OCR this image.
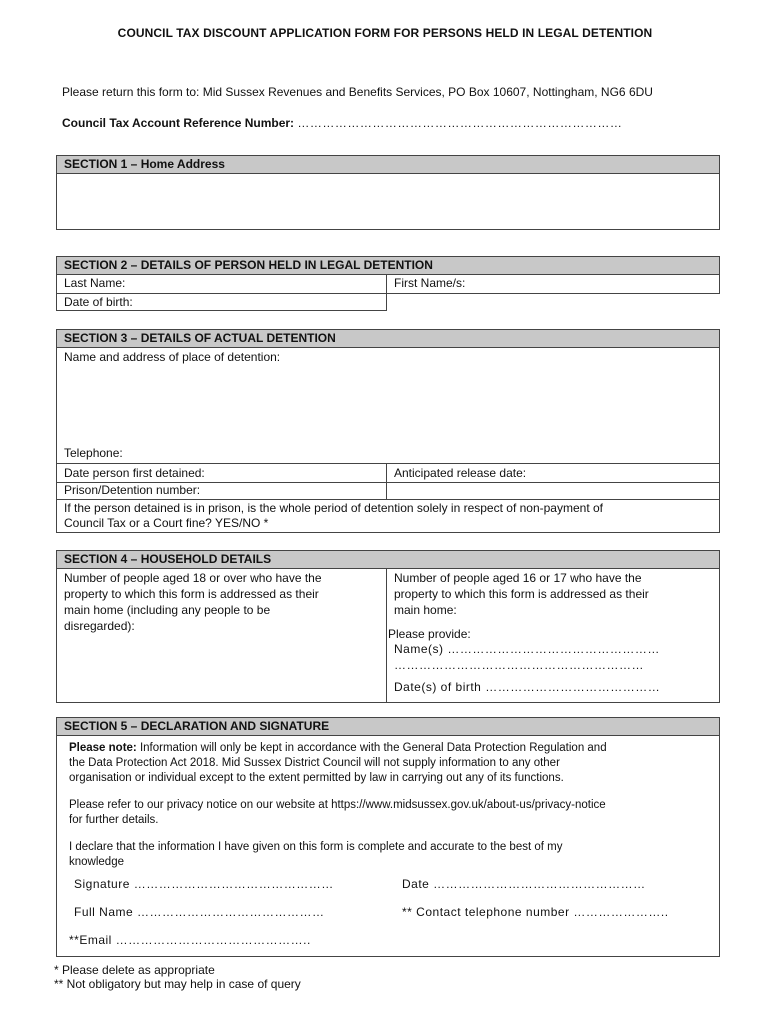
COUNCIL TAX DISCOUNT APPLICATION FORM FOR PERSONS HELD IN LEGAL DETENTION
Please return this form to: Mid Sussex Revenues and Benefits Services, PO Box 10607, Nottingham, NG6 6DU
Council Tax Account Reference Number: ……………………………………………………………………
SECTION 1 – Home Address
SECTION 2 – DETAILS OF PERSON HELD IN LEGAL DETENTION
Last Name:	First Name/s:
Date of birth:
SECTION 3 – DETAILS OF ACTUAL DETENTION
Name and address of place of detention:
Telephone:
Date person first detained:	Anticipated release date:
Prison/Detention number:
If the person detained is in prison, is the whole period of detention solely in respect of non-payment of
Council Tax or a Court fine? YES/NO *
SECTION 4 – HOUSEHOLD DETAILS
Number of people aged 18 or over who have the
property to which this form is addressed as their
main home (including any people to be
disregarded):
Number of people aged 16 or 17 who have the
property to which this form is addressed as their
main home:
Please provide:
Name(s) ……………………………………………
……………………………………………………
Date(s) of birth ……………………………………
SECTION 5 – DECLARATION AND SIGNATURE
Please note: Information will only be kept in accordance with the General Data Protection Regulation and
the Data Protection Act 2018. Mid Sussex District Council will not supply information to any other
organisation or individual except to the extent permitted by law in carrying out any of its functions.
Please refer to our privacy notice on our website at https://www.midsussex.gov.uk/about-us/privacy-notice
for further details.
I declare that the information I have given on this form is complete and accurate to the best of my
knowledge
Signature …………………………………………	Date ……………………………………………
Full Name ………………………………………	** Contact telephone number …………………..
**Email ………………………………………..
* Please delete as appropriate
** Not obligatory but may help in case of query
